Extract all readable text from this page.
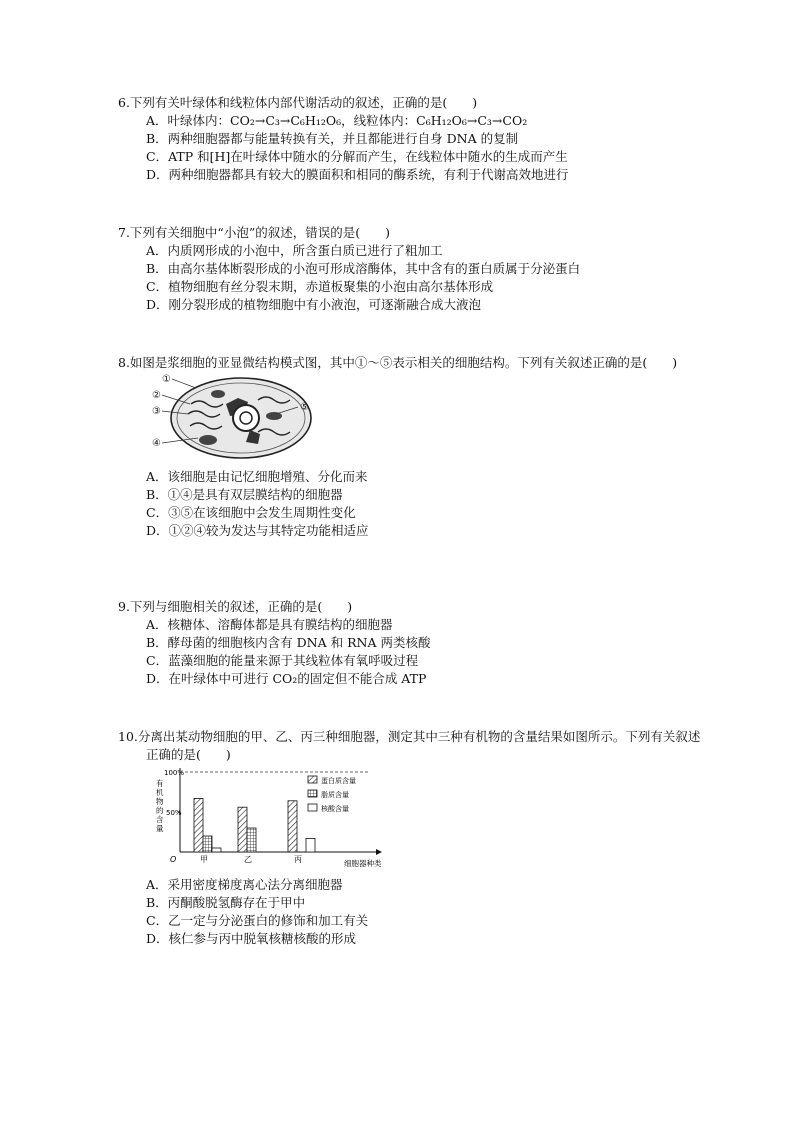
6.下列有关叶绿体和线粒体内部代谢活动的叙述，正确的是(　　)
A．叶绿体内：CO₂→C₃→C₆H₁₂O₆，线粒体内：C₆H₁₂O₆→C₃→CO₂
B．两种细胞器都与能量转换有关，并且都能进行自身 DNA 的复制
C．ATP 和[H]在叶绿体中随水的分解而产生，在线粒体中随水的生成而产生
D．两种细胞器都具有较大的膜面积和相同的酶系统，有利于代谢高效地进行
7.下列有关细胞中“小泡”的叙述，错误的是(　　)
A．内质网形成的小泡中，所含蛋白质已进行了粗加工
B．由高尔基体断裂形成的小泡可形成溶酶体，其中含有的蛋白质属于分泌蛋白
C．植物细胞有丝分裂末期，赤道板聚集的小泡由高尔基体形成
D．刚分裂形成的植物细胞中有小液泡，可逐渐融合成大液泡
8.如图是浆细胞的亚显微结构模式图，其中①～⑤表示相关的细胞结构。下列有关叙述正确的是(　　)
①
②
③
④
⑤
A．该细胞是由记忆细胞增殖、分化而来
B．①④是具有双层膜结构的细胞器
C．③⑤在该细胞中会发生周期性变化
D．①②④较为发达与其特定功能相适应
9.下列与细胞相关的叙述，正确的是(　　)
A．核糖体、溶酶体都是具有膜结构的细胞器
B．酵母菌的细胞核内含有 DNA 和 RNA 两类核酸
C．蓝藻细胞的能量来源于其线粒体有氧呼吸过程
D．在叶绿体中可进行 CO₂的固定但不能合成 ATP
10.分离出某动物细胞的甲、乙、丙三种细胞器，测定其中三种有机物的含量结果如图所示。下列有关叙述正确的是(　　)
100%
50%
O
有
机
物
的
含
量
细胞器种类
甲	乙	丙
蛋白质含量
脂质含量
核酸含量
A．采用密度梯度离心法分离细胞器
B．丙酮酸脱氢酶存在于甲中
C．乙一定与分泌蛋白的修饰和加工有关
D．核仁参与丙中脱氧核糖核酸的形成
